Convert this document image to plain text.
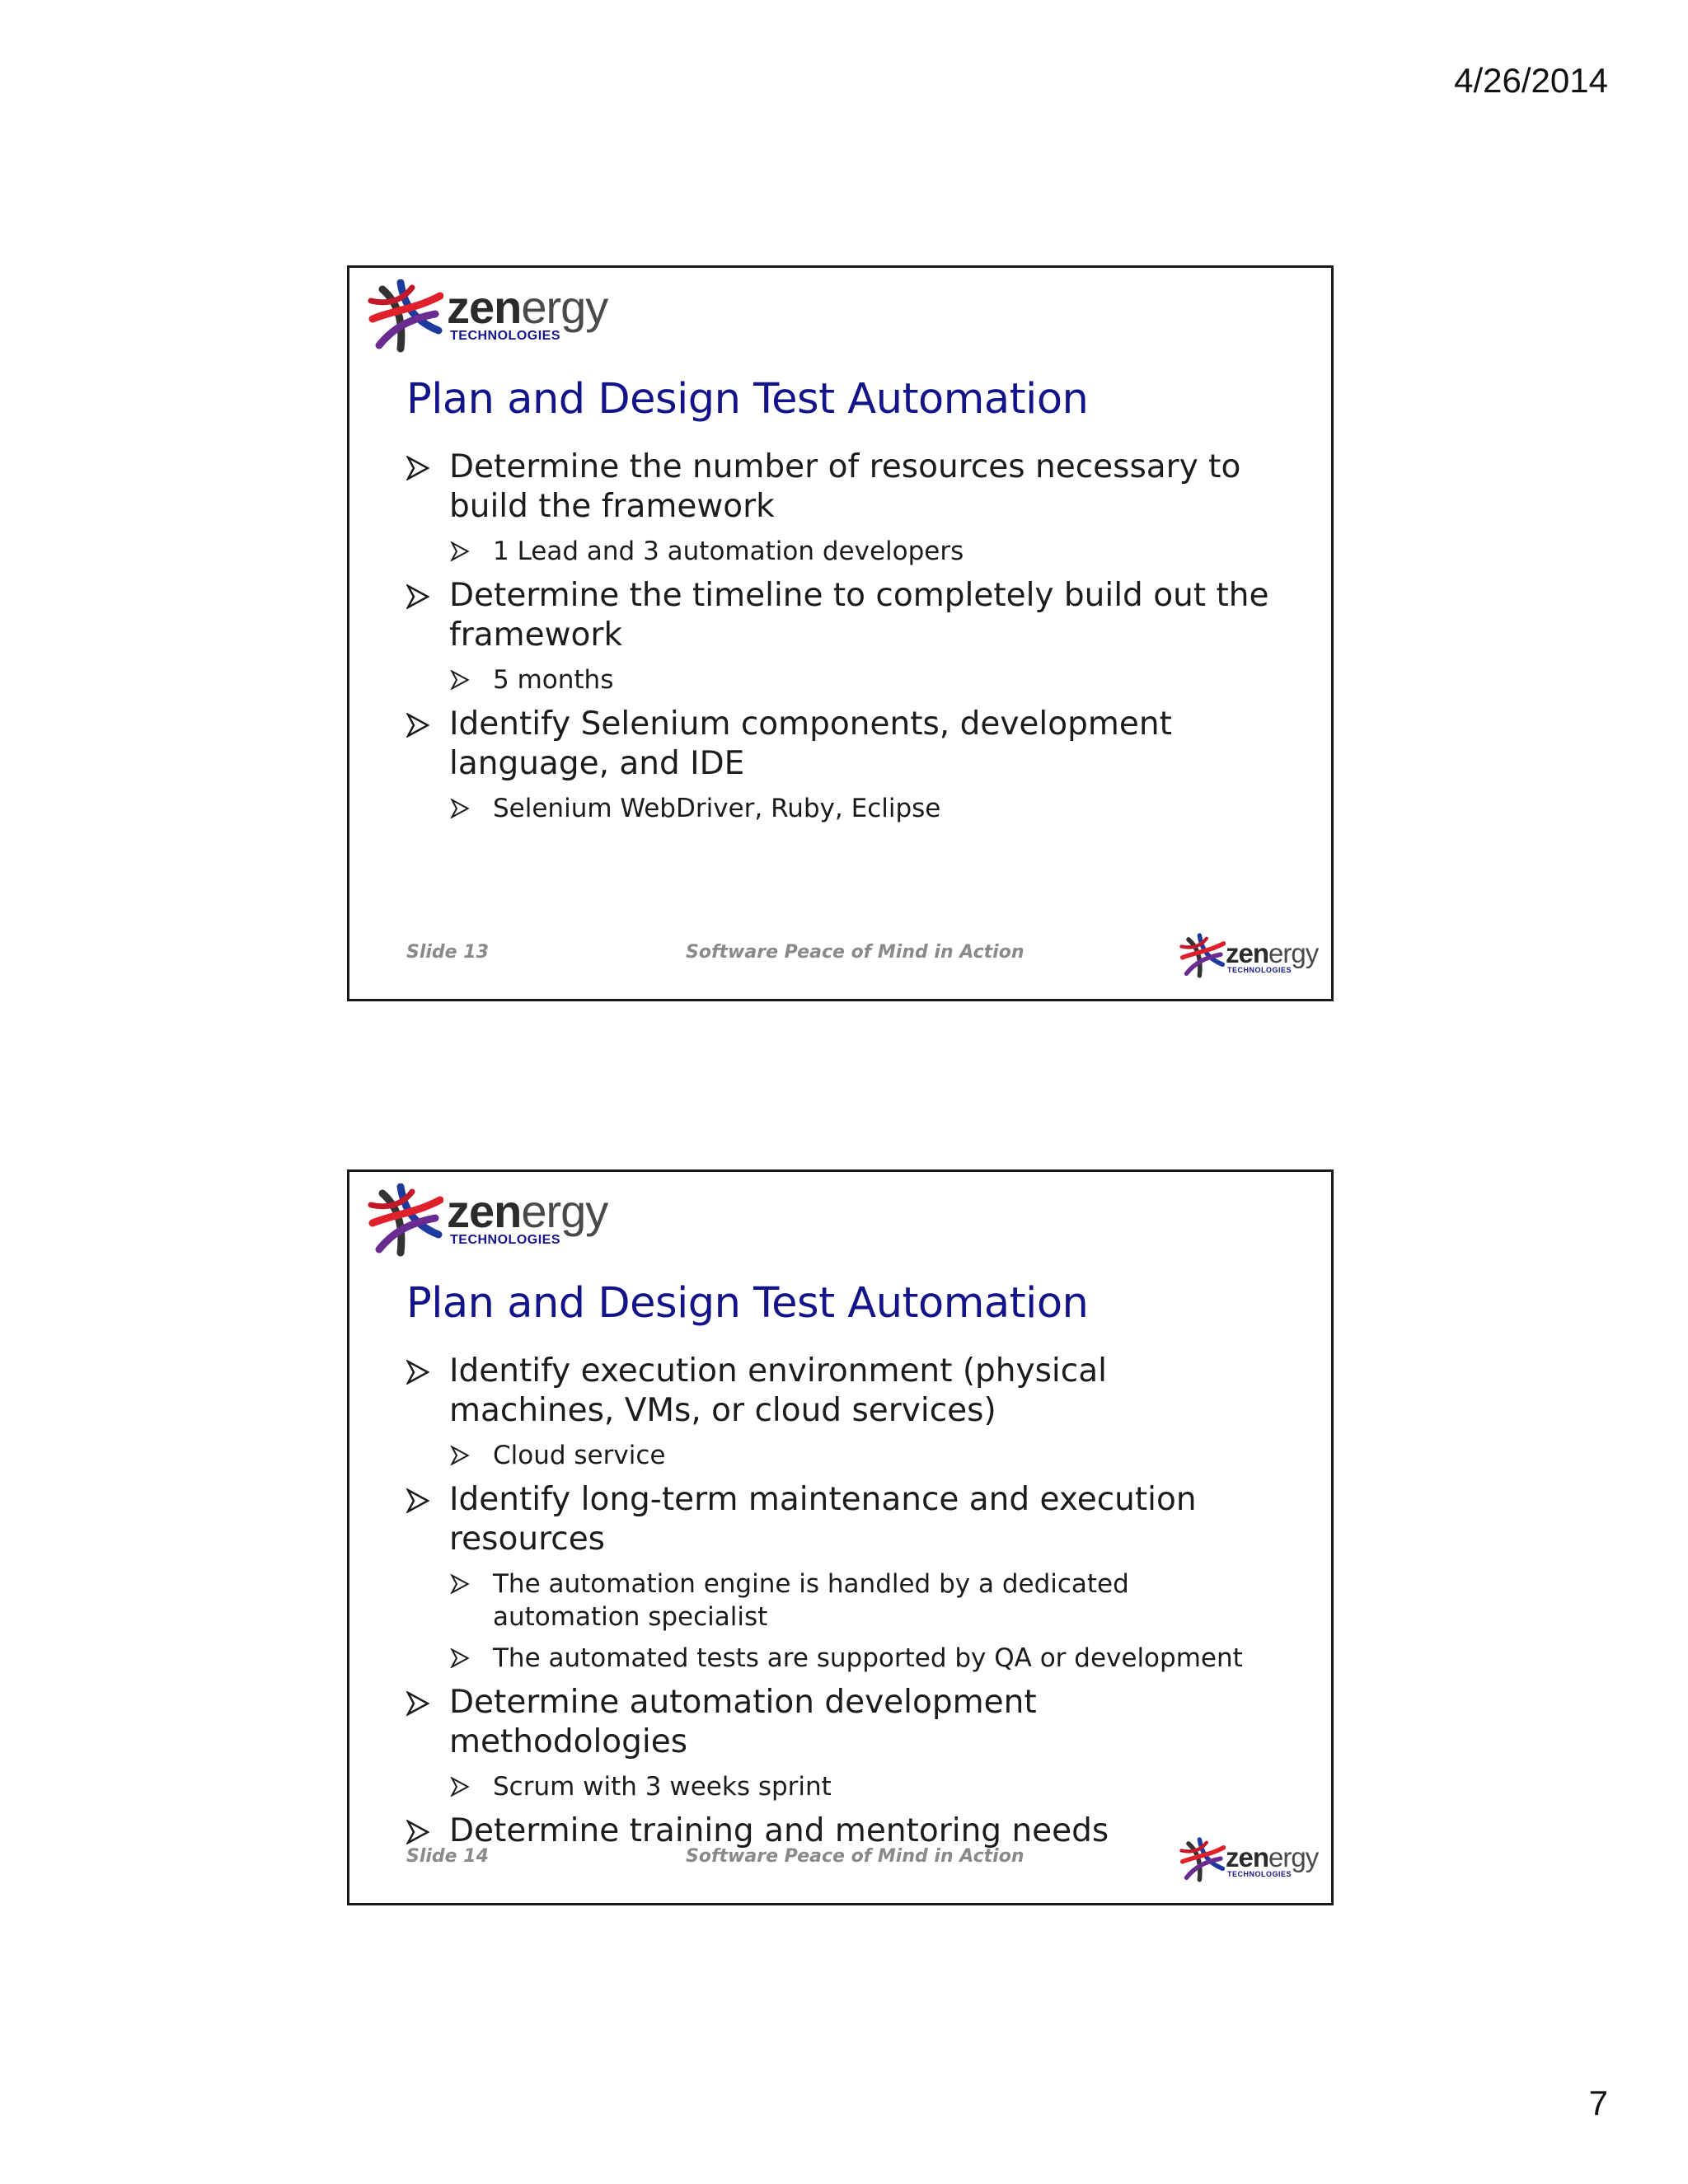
4/26/2014
zenergy
TECHNOLOGIES
Plan and Design Test Automation
Determine the number of resources necessary to build the framework
1 Lead and 3 automation developers
Determine the timeline to completely build out the framework
5 months
Identify Selenium components, development language, and IDE
Selenium WebDriver, Ruby, Eclipse
Slide 13	Software Peace of Mind in Action	zenergy
TECHNOLOGIES
zenergy
TECHNOLOGIES
Plan and Design Test Automation
Identify execution environment (physical machines, VMs, or cloud services)
Cloud service
Identify long-term maintenance and execution resources
The automation engine is handled by a dedicated automation specialist
The automated tests are supported by QA or development
Determine automation development methodologies
Scrum with 3 weeks sprint
Determine training and mentoring needs
Slide 14	Software Peace of Mind in Action	zenergy
TECHNOLOGIES
7
